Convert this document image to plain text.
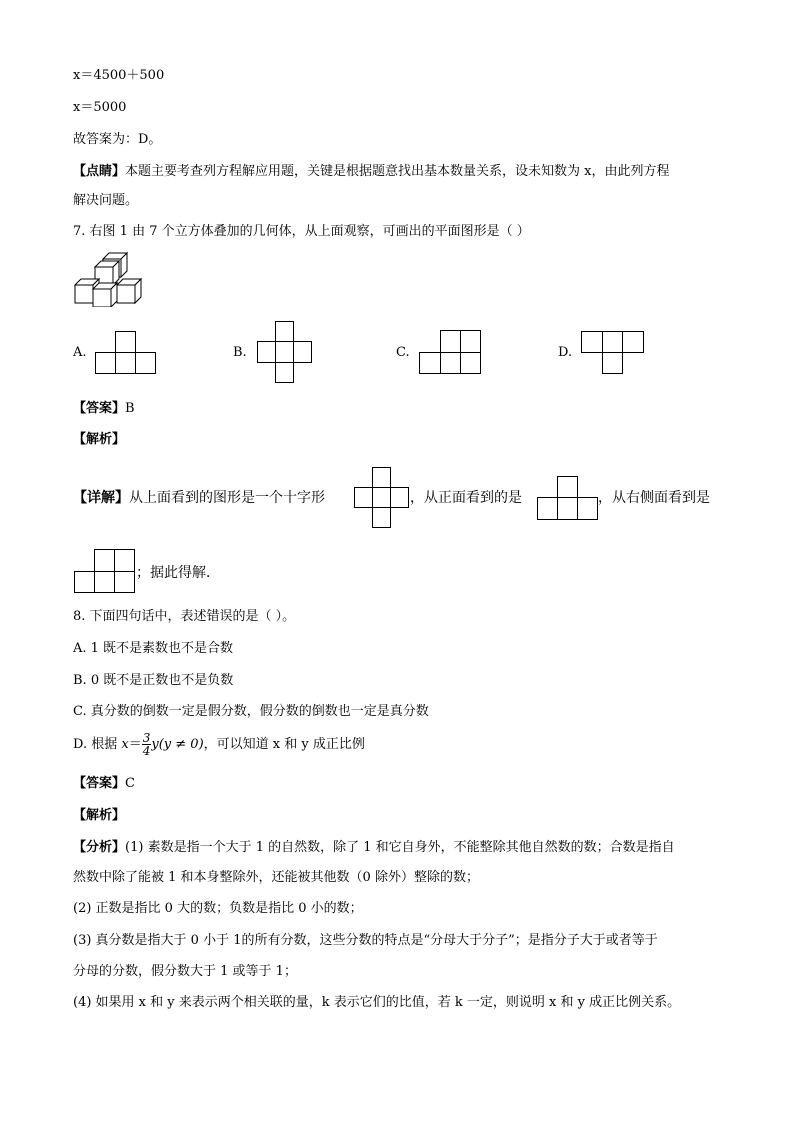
x＝4500＋500
x＝5000
故答案为：D。
【点睛】本题主要考查列方程解应用题，关键是根据题意找出基本数量关系，设未知数为 x，由此列方程
解决问题。
7. 右图 1 由 7 个立方体叠加的几何体，从上面观察，可画出的平面图形是（ ）
A.	B.	C.	D.
【答案】B
【解析】
【详解】从上面看到的图形是一个十字形	，从正面看到的是	，从右侧面看到是
；据此得解．
8. 下面四句话中，表述错误的是（ ）。
A. 1 既不是素数也不是合数
B. 0 既不是正数也不是负数
C. 真分数的倒数一定是假分数，假分数的倒数也一定是真分数
D. 根据 $x= \frac{3}{4} y(y \ne 0)$，可以知道 x 和 y 成正比例
【答案】C
【解析】
【分析】(1) 素数是指一个大于 1 的自然数，除了 1 和它自身外，不能整除其他自然数的数；合数是指自
然数中除了能被 1 和本身整除外，还能被其他数（0 除外）整除的数；
(2) 正数是指比 0 大的数；负数是指比 0 小的数；
(3) 真分数是指大于 0 小于 1的所有分数，这些分数的特点是“分母大于分子”；是指分子大于或者等于
分母的分数，假分数大于 1 或等于 1；
(4) 如果用 x 和 y 来表示两个相关联的量，k 表示它们的比值，若 k 一定，则说明 x 和 y 成正比例关系。
